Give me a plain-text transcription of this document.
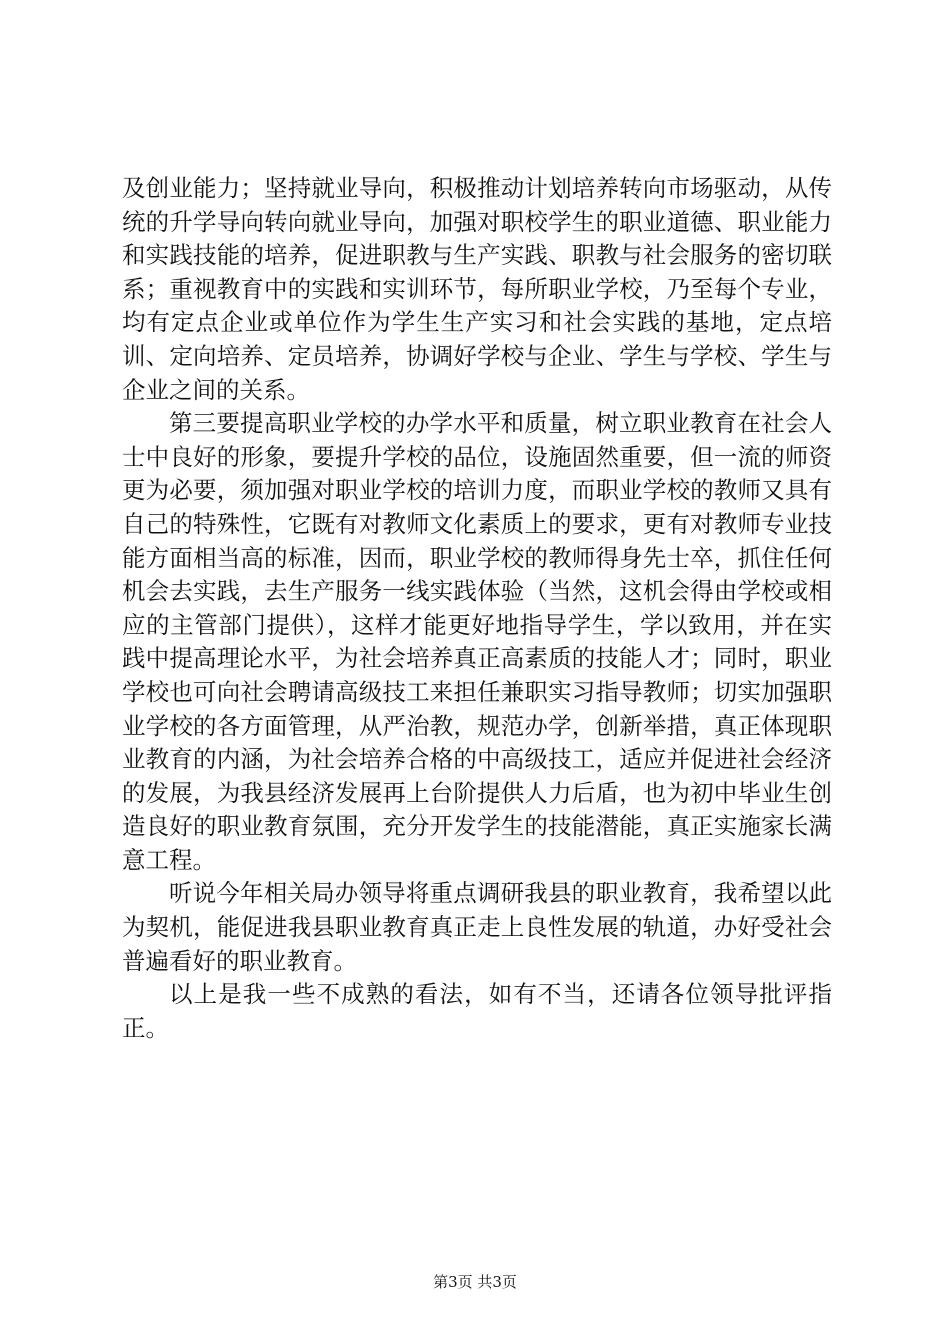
及创业能力；坚持就业导向，积极推动计划培养转向市场驱动，从传统的升学导向转向就业导向，加强对职校学生的职业道德、职业能力和实践技能的培养，促进职教与生产实践、职教与社会服务的密切联系；重视教育中的实践和实训环节，每所职业学校，乃至每个专业，均有定点企业或单位作为学生生产实习和社会实践的基地，定点培训、定向培养、定员培养，协调好学校与企业、学生与学校、学生与企业之间的关系。

第三要提高职业学校的办学水平和质量，树立职业教育在社会人士中良好的形象，要提升学校的品位，设施固然重要，但一流的师资更为必要，须加强对职业学校的培训力度，而职业学校的教师又具有自己的特殊性，它既有对教师文化素质上的要求，更有对教师专业技能方面相当高的标准，因而，职业学校的教师得身先士卒，抓住任何机会去实践，去生产服务一线实践体验（当然，这机会得由学校或相应的主管部门提供），这样才能更好地指导学生，学以致用，并在实践中提高理论水平，为社会培养真正高素质的技能人才；同时，职业学校也可向社会聘请高级技工来担任兼职实习指导教师；切实加强职业学校的各方面管理，从严治教，规范办学，创新举措，真正体现职业教育的内涵，为社会培养合格的中高级技工，适应并促进社会经济的发展，为我县经济发展再上台阶提供人力后盾，也为初中毕业生创造良好的职业教育氛围，充分开发学生的技能潜能，真正实施家长满意工程。

听说今年相关局办领导将重点调研我县的职业教育，我希望以此为契机，能促进我县职业教育真正走上良性发展的轨道，办好受社会普遍看好的职业教育。

以上是我一些不成熟的看法，如有不当，还请各位领导批评指正。

第3页 共3页
